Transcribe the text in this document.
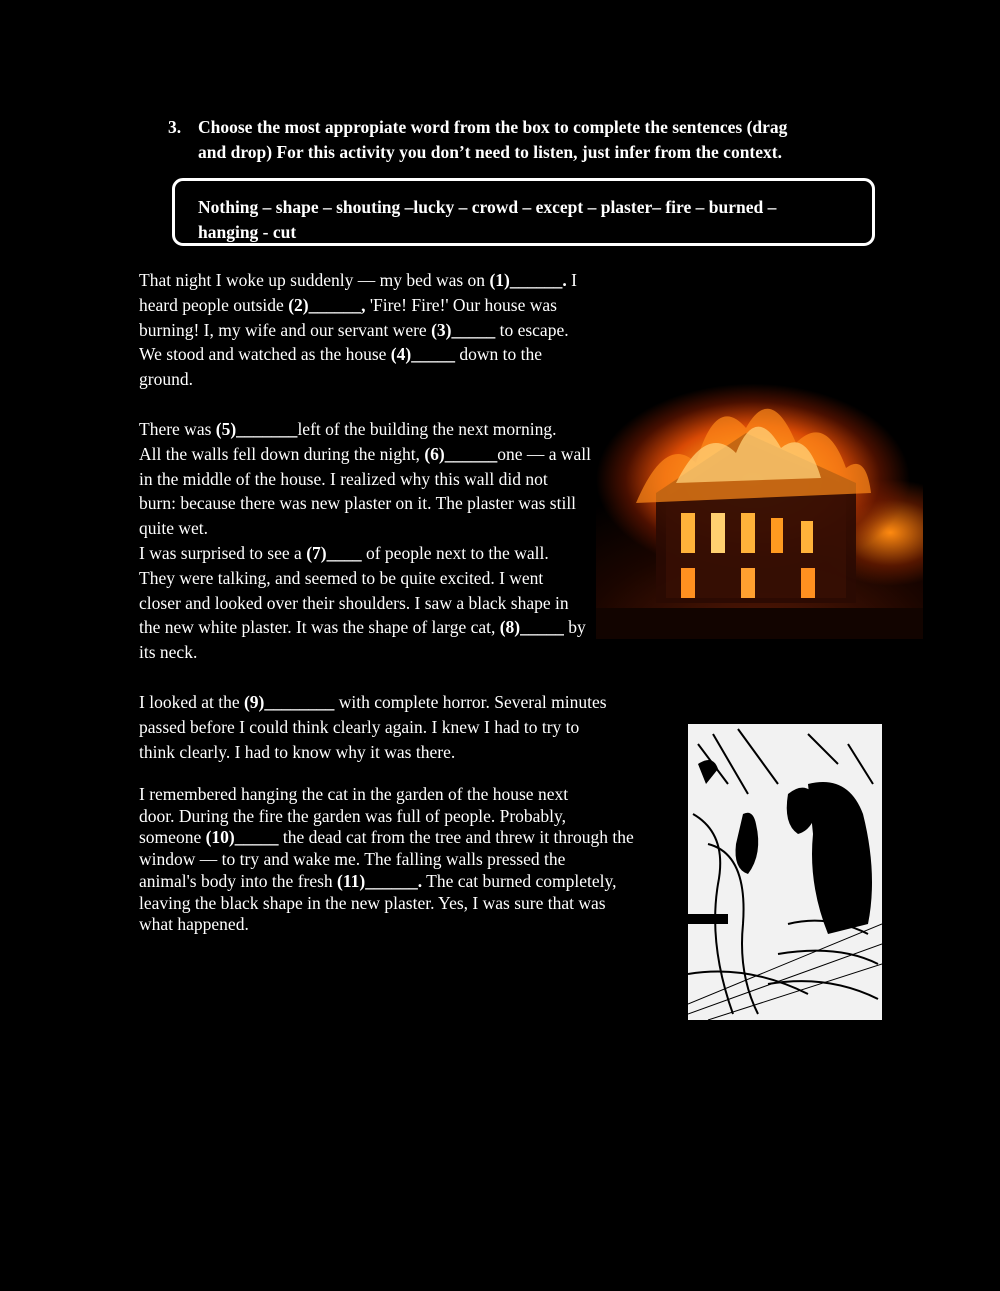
3. Choose the most appropiate word from the box to complete the sentences (drag
and drop) For this activity you don’t need to listen, just infer from the context.
Nothing – shape – shouting –lucky – crowd – except – plaster– fire – burned –
hanging - cut
That night I woke up suddenly — my bed was on (1)______. I
heard people outside (2)______, 'Fire! Fire!' Our house was
burning! I, my wife and our servant were (3)_____ to escape.
We stood and watched as the house (4)_____ down to the
ground.
There was (5)_______left of the building the next morning.
All the walls fell down during the night, (6)______one — a wall
in the middle of the house. I realized why this wall did not
burn: because there was new plaster on it. The plaster was still
quite wet.
I was surprised to see a (7)____ of people next to the wall.
They were talking, and seemed to be quite excited. I went
closer and looked over their shoulders. I saw a black shape in
the new white plaster. It was the shape of large cat, (8)_____ by
its neck.
I looked at the (9)________ with complete horror. Several minutes
passed before I could think clearly again. I knew I had to try to
think clearly. I had to know why it was there.
I remembered hanging the cat in the garden of the house next
door. During the fire the garden was full of people. Probably,
someone (10)_____ the dead cat from the tree and threw it through the
window — to try and wake me. The falling walls pressed the
animal's body into the fresh (11)______. The cat burned completely,
leaving the black shape in the new plaster. Yes, I was sure that was
what happened.
